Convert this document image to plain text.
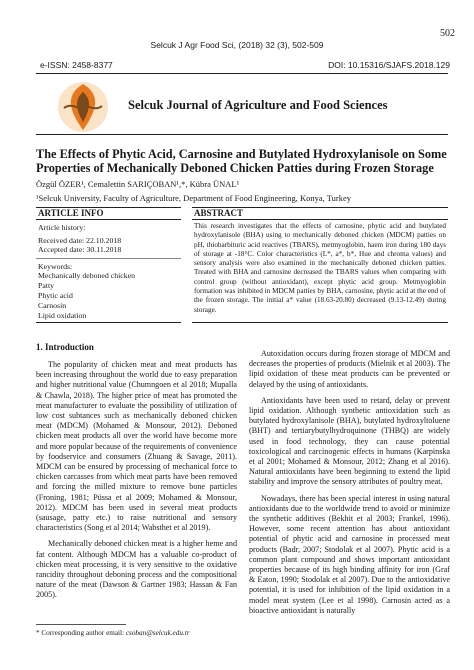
502
Selcuk J Agr Food Sci, (2018) 32 (3), 502-509
e-ISSN: 2458-8377	DOI: 10.15316/SJAFS.2018.129
Selcuk Journal of Agriculture and Food Sciences
The Effects of Phytic Acid, Carnosine and Butylated Hydroxylanisole on Some
Properties of Mechanically Deboned Chicken Patties during Frozen Storage
Özgül ÖZER¹, Cemalettin SARIÇOBAN¹,*, Kübra ÜNAL¹
¹Selcuk University, Faculty of Agriculture, Department of Food Engineering, Konya, Turkey
ARTICLE INFO
Article history:
Received date: 22.10.2018
Accepted date: 30.11.2018
Keywords:
Mechanically deboned chicken
Patty
Phytic acid
Carnosin
Lipid oxidation
ABSTRACT
This research investigates that the effects of carnosine, phytic acid and butylated hydroxylanisole (BHA) using to mechanically deboned chicken (MDCM) patties on pH, thiobarbituric acid reactives (TBARS), metmyoglobin, haem iron during 180 days of storage at -18°C. Color characteristics (L*, a*, b*, Hue and chroma values) and sensory analysis were also examined in the mechanically deboned chicken patties. Treated with BHA and carnosine decreased the TBARS values when comparing with control group (without antioxidant), except phytic acid group. Metmyoglobin formation was inhibited in MDCM patties by BHA, carnosine, phytic acid at the end of the frozen storage. The initial a* value (18.63-20.80) decreased (9.13-12.49) during storage.
1. Introduction

The popularity of chicken meat and meat products has been increasing throughout the world due to easy preparation and higher nutritional value (Chumngoen et al 2018; Mupalla & Chawla, 2018). The higher price of meat has promoted the meat manufacturer to evaluate the possibility of utilization of low cost subtances such as mechanically deboned chicken meat (MDCM) (Mohamed & Monsour, 2012). Deboned chicken meat products all over the world have become more and more popular because of the requirements of convenience by foodservice and consumers (Zhuang & Savage, 2011). MDCM can be ensured by processing of mechanical force to chicken carcasses from which meat parts have been removed and forcing the milled mixture to remove bone particles (Froning, 1981; Püssa et al 2009; Mohamed & Monsour, 2012). MDCM has been used in several meat products (sausage, patty etc.) to raise nutritional and sensory characteristics (Song et al 2014; Wabsthet et al 2019).

Mechanically deboned chicken meat is a higher heme and fat content. Although MDCM has a valuable co-product of chicken meat processing, it is very sensitive to the oxidative rancidity throughout deboning process and the compositional nature of the meat (Dawson & Gartner 1983; Hassan & Fan 2005).

Autoxidation occurs during frozen storage of MDCM and decreases the properties of products (Mielnik et al 2003). The lipid oxidation of these meat products can be prevented or delayed by the using of antioxidants.

Antioxidants have been used to retard, delay or prevent lipid oxidation. Although synthetic antioxidation such as butylated hydroxylanisole (BHA), butylated hydroxyltoluene (BHT) and tertiarybutylhydroquinone (THBQ) are widely used in food technology, they can cause potential toxicological and carcinogenic effects in humans (Karpinska et al 2001; Mohamed & Monsour, 2012; Zhang et al 2016). Natural antioxidants have been beginning to extend the lipid stability and improve the sensory attributes of poultry meat.

Nowadays, there has been special interest in using natural antioxidants due to the worldwide trend to avoid or minimize the synthetic additives (Bekhit et al 2003; Frankel, 1996). However, some recent attention has about antioxidant potential of phytic acid and carnosine in processed meat products (Badr, 2007; Stodolak et al 2007). Phytic acid is a common plant compound and shows important antioxidant properties because of its high binding affinity for iron (Graf & Eaton, 1990; Stodolak et al 2007). Due to the antioxidative potential, it is used for inhibition of the lipid oxidation in a model meat system (Lee et al 1998). Carnosin acted as a bioactive antioxidant is naturally

* Corresponding author email: csoban@selcuk.edu.tr
